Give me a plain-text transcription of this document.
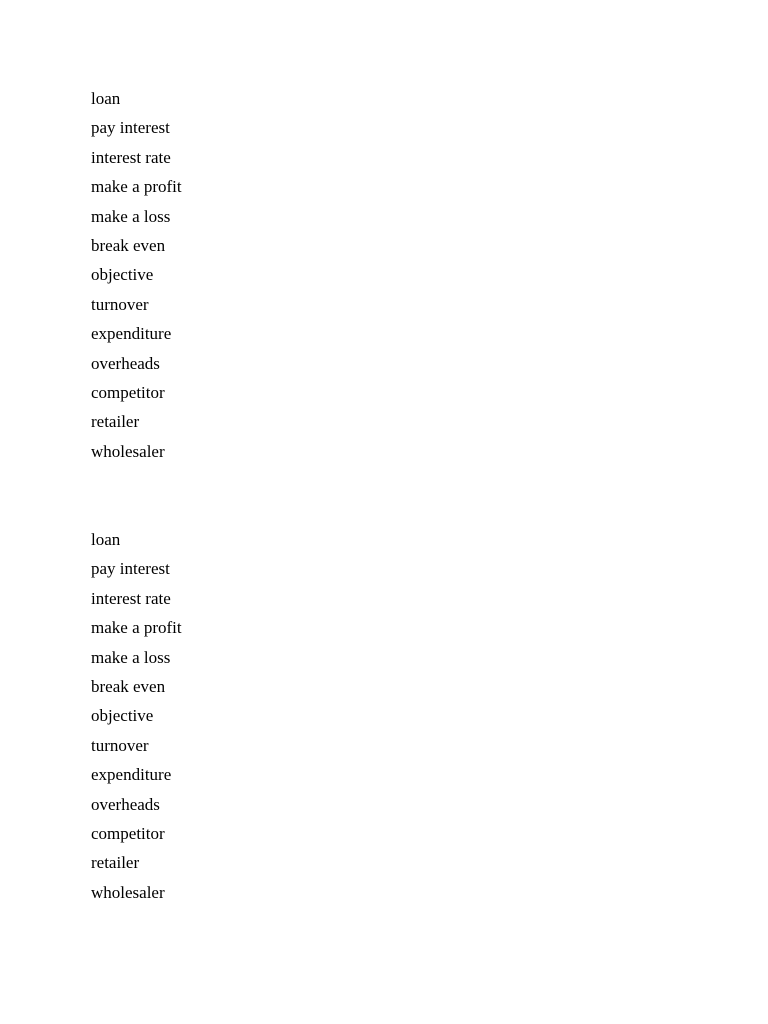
loan
pay interest
interest rate
make a profit
make a loss
break even
objective
turnover
expenditure
overheads
competitor
retailer
wholesaler
loan
pay interest
interest rate
make a profit
make a loss
break even
objective
turnover
expenditure
overheads
competitor
retailer
wholesaler
